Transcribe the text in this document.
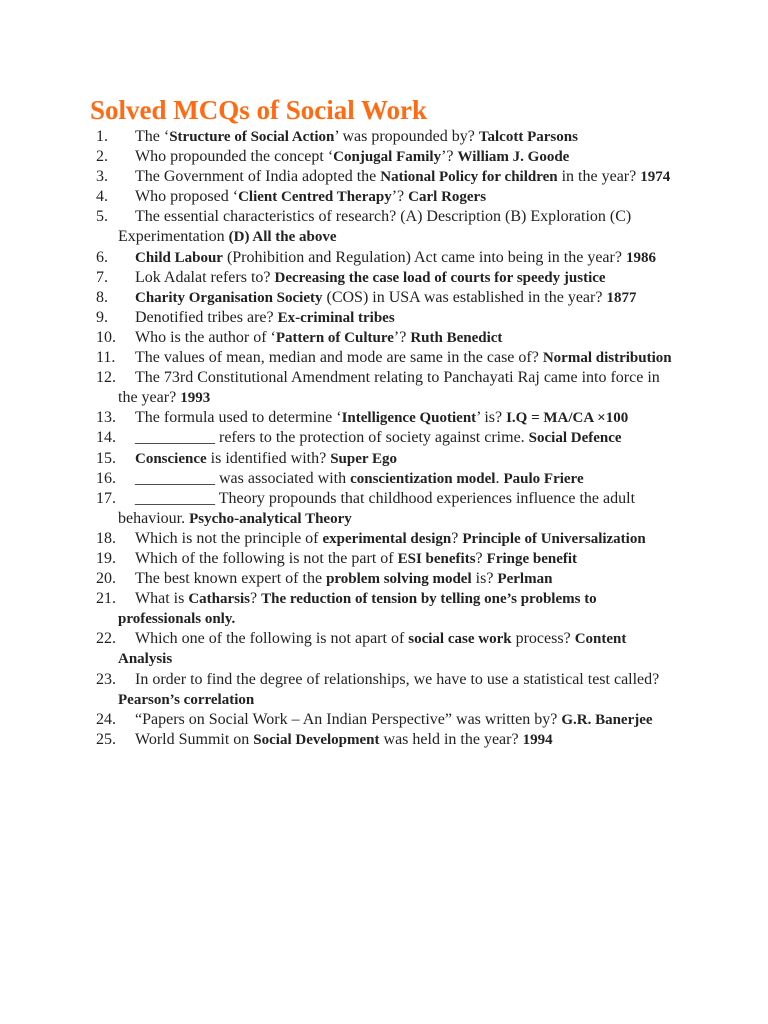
Solved MCQs of Social Work
1. The ‘Structure of Social Action’ was propounded by? Talcott Parsons
2. Who propounded the concept ‘Conjugal Family’? William J. Goode
3. The Government of India adopted the National Policy for children in the year? 1974
4. Who proposed ‘Client Centred Therapy’? Carl Rogers
5. The essential characteristics of research? (A) Description (B) Exploration (C) Experimentation (D) All the above
6. Child Labour (Prohibition and Regulation) Act came into being in the year? 1986
7. Lok Adalat refers to? Decreasing the case load of courts for speedy justice
8. Charity Organisation Society (COS) in USA was established in the year? 1877
9. Denotified tribes are? Ex-criminal tribes
10. Who is the author of ‘Pattern of Culture’? Ruth Benedict
11. The values of mean, median and mode are same in the case of? Normal distribution
12. The 73rd Constitutional Amendment relating to Panchayati Raj came into force in the year? 1993
13. The formula used to determine ‘Intelligence Quotient’ is? I.Q = MA/CA ×100
14. __________ refers to the protection of society against crime. Social Defence
15. Conscience is identified with? Super Ego
16. __________ was associated with conscientization model. Paulo Friere
17. __________ Theory propounds that childhood experiences influence the adult behaviour. Psycho-analytical Theory
18. Which is not the principle of experimental design? Principle of Universalization
19. Which of the following is not the part of ESI benefits? Fringe benefit
20. The best known expert of the problem solving model is? Perlman
21. What is Catharsis? The reduction of tension by telling one’s problems to professionals only.
22. Which one of the following is not apart of social case work process? Content Analysis
23. In order to find the degree of relationships, we have to use a statistical test called? Pearson’s correlation
24. “Papers on Social Work – An Indian Perspective” was written by? G.R. Banerjee
25. World Summit on Social Development was held in the year? 1994
